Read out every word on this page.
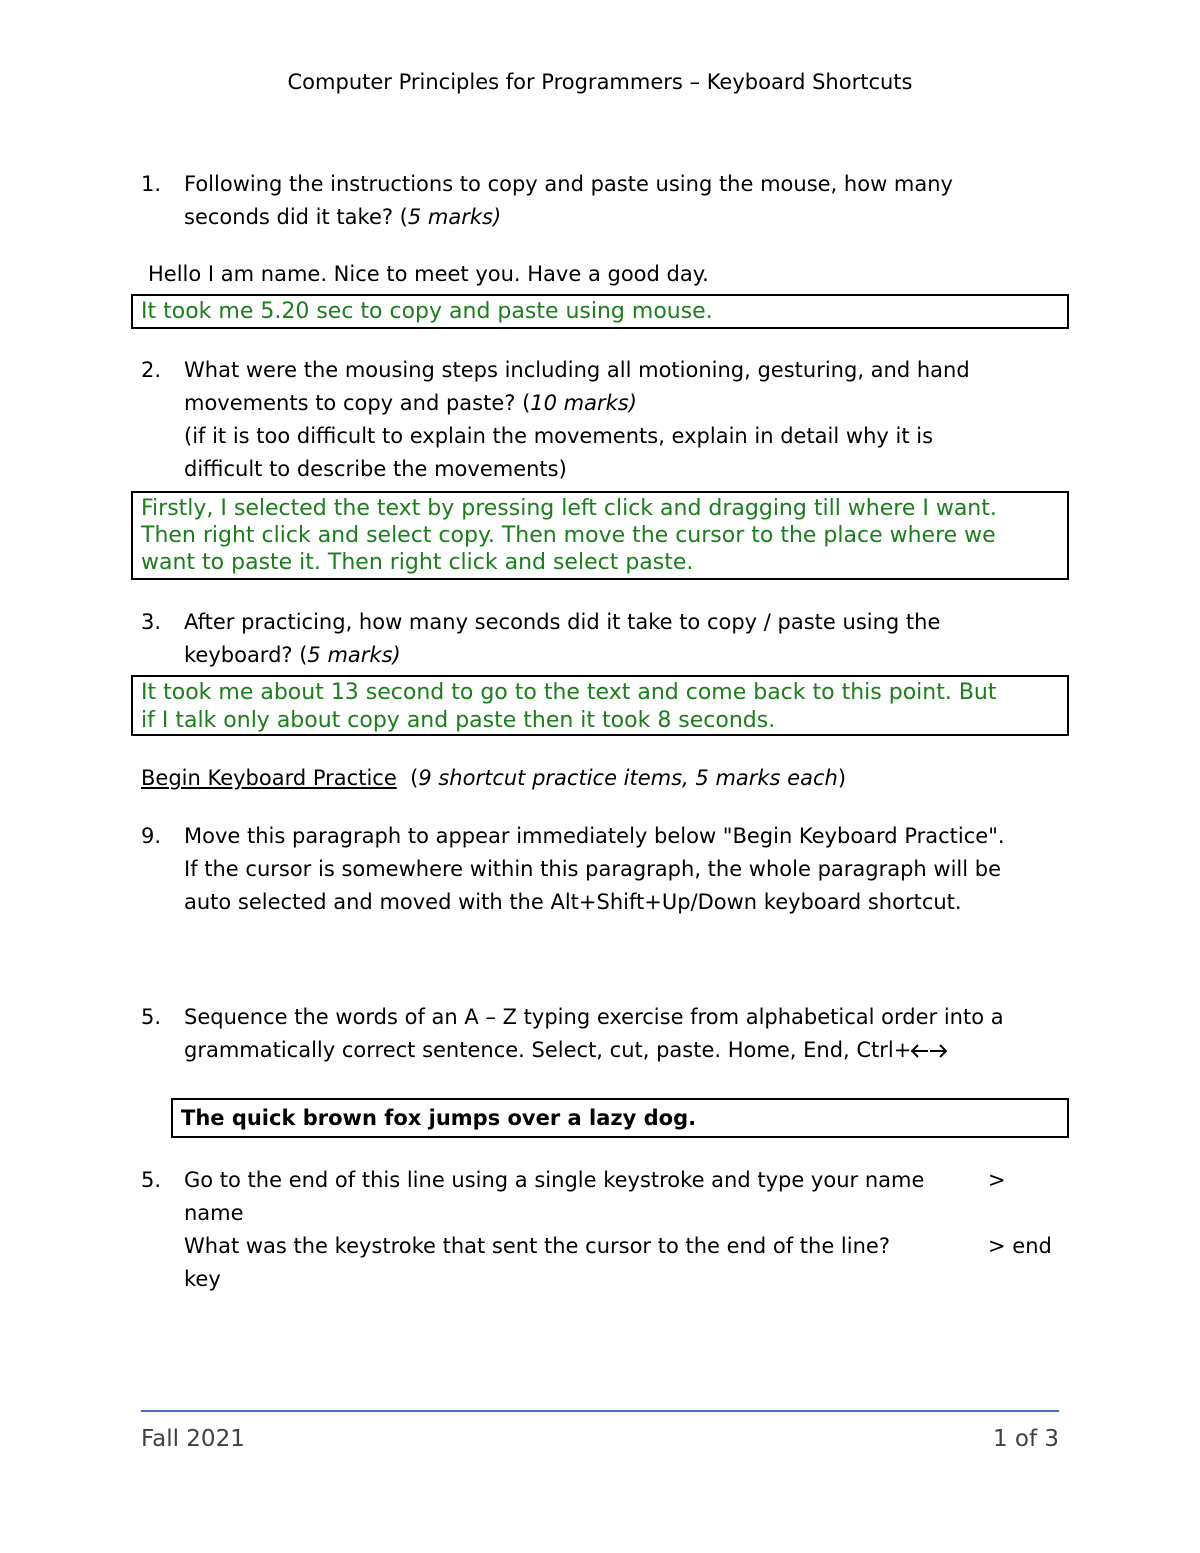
Computer Principles for Programmers – Keyboard Shortcuts
1. Following the instructions to copy and paste using the mouse, how many
seconds did it take? (5 marks)
Hello I am name. Nice to meet you. Have a good day.
It took me 5.20 sec to copy and paste using mouse.
2. What were the mousing steps including all motioning, gesturing, and hand
movements to copy and paste? (10 marks)
(if it is too difficult to explain the movements, explain in detail why it is
difficult to describe the movements)
Firstly, I selected the text by pressing left click and dragging till where I want.
Then right click and select copy. Then move the cursor to the place where we
want to paste it. Then right click and select paste.
3. After practicing, how many seconds did it take to copy / paste using the
keyboard? (5 marks)
It took me about 13 second to go to the text and come back to this point. But
if I talk only about copy and paste then it took 8 seconds.
Begin Keyboard Practice (9 shortcut practice items, 5 marks each)
9. Move this paragraph to appear immediately below "Begin Keyboard Practice".
If the cursor is somewhere within this paragraph, the whole paragraph will be
auto selected and moved with the Alt+Shift+Up/Down keyboard shortcut.
5. Sequence the words of an A – Z typing exercise from alphabetical order into a
grammatically correct sentence. Select, cut, paste. Home, End, Ctrl+
The quick brown fox jumps over a lazy dog.
5. Go to the end of this line using a single keystroke and type your name	>
name
What was the keystroke that sent the cursor to the end of the line?	> end
key
Fall 2021	1 of 3
